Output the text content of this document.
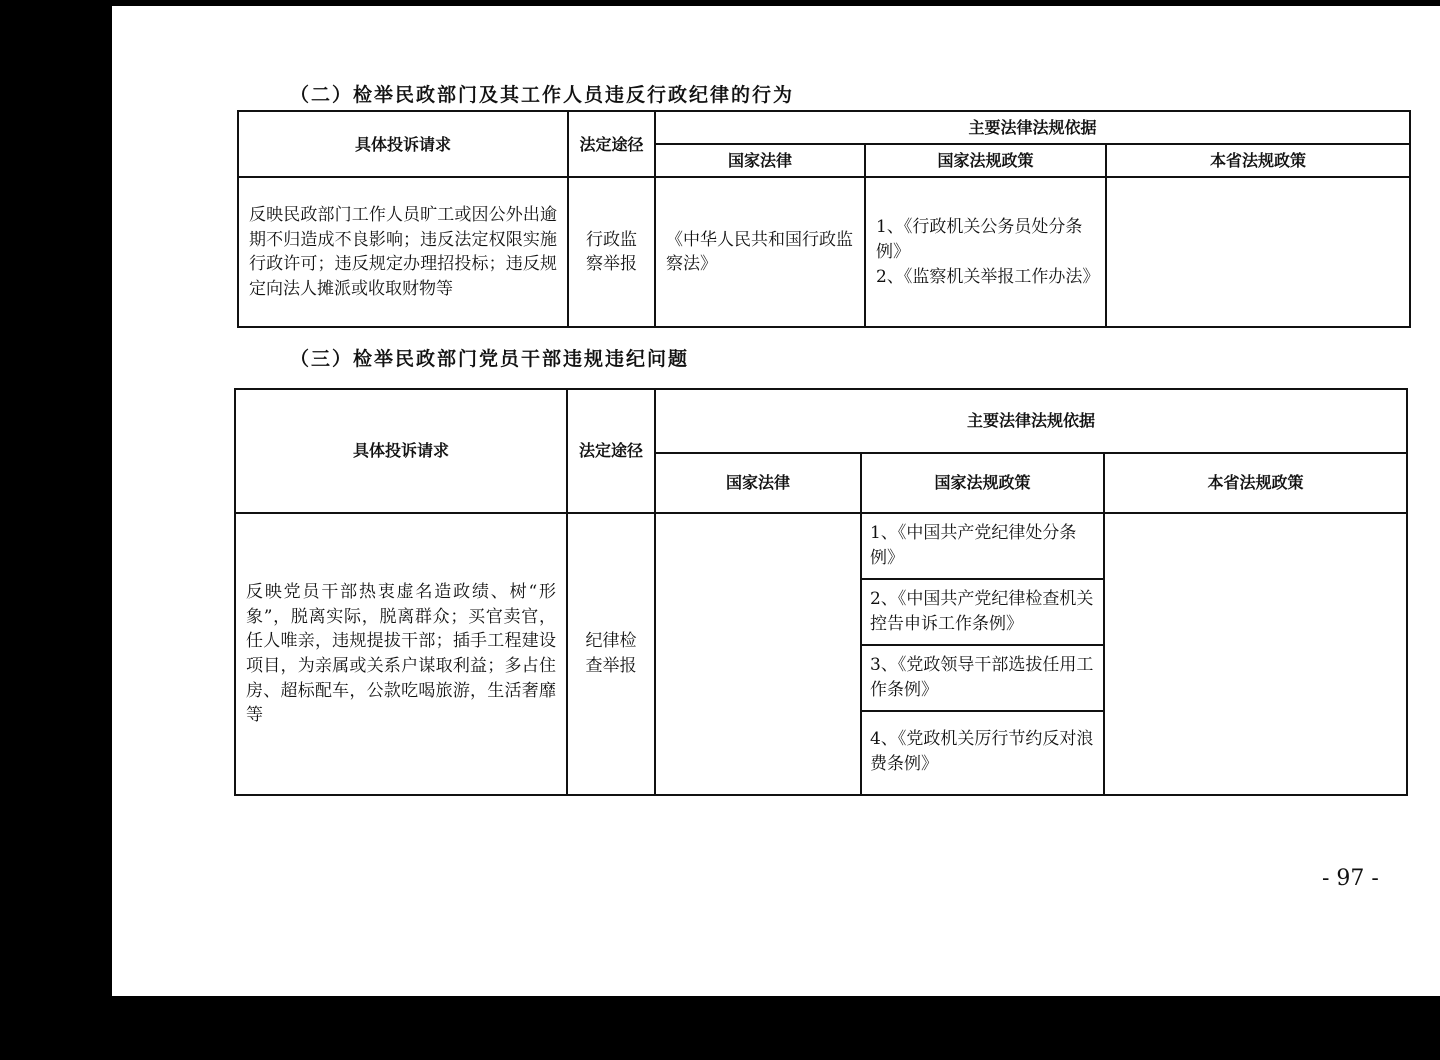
（二）检举民政部门及其工作人员违反行政纪律的行为
具体投诉请求	法定途径	主要法律法规依据		
		国家法律	国家法规政策	本省法规政策
反映民政部门工作人员旷工或因公外出逾期不归造成不良影响；违反法定权限实施行政许可；违反规定办理招投标；违反规定向法人摊派或收取财物等	行政监察举报	《中华人民共和国行政监察法》	1、《行政机关公务员处分条例》
2、《监察机关举报工作办法》	

（三）检举民政部门党员干部违规违纪问题
具体投诉请求	法定途径	主要法律法规依据		
		国家法律	国家法规政策	本省法规政策
反映党员干部热衷虚名造政绩、树“形象”，脱离实际，脱离群众；买官卖官，任人唯亲，违规提拔干部；插手工程建设项目，为亲属或关系户谋取利益；多占住房、超标配车，公款吃喝旅游，生活奢靡等	纪律检查举报		1、《中国共产党纪律处分条例》
2、《中国共产党纪律检查机关控告申诉工作条例》
3、《党政领导干部选拔任用工作条例》
4、《党政机关厉行节约反对浪费条例》	

- 97 -
